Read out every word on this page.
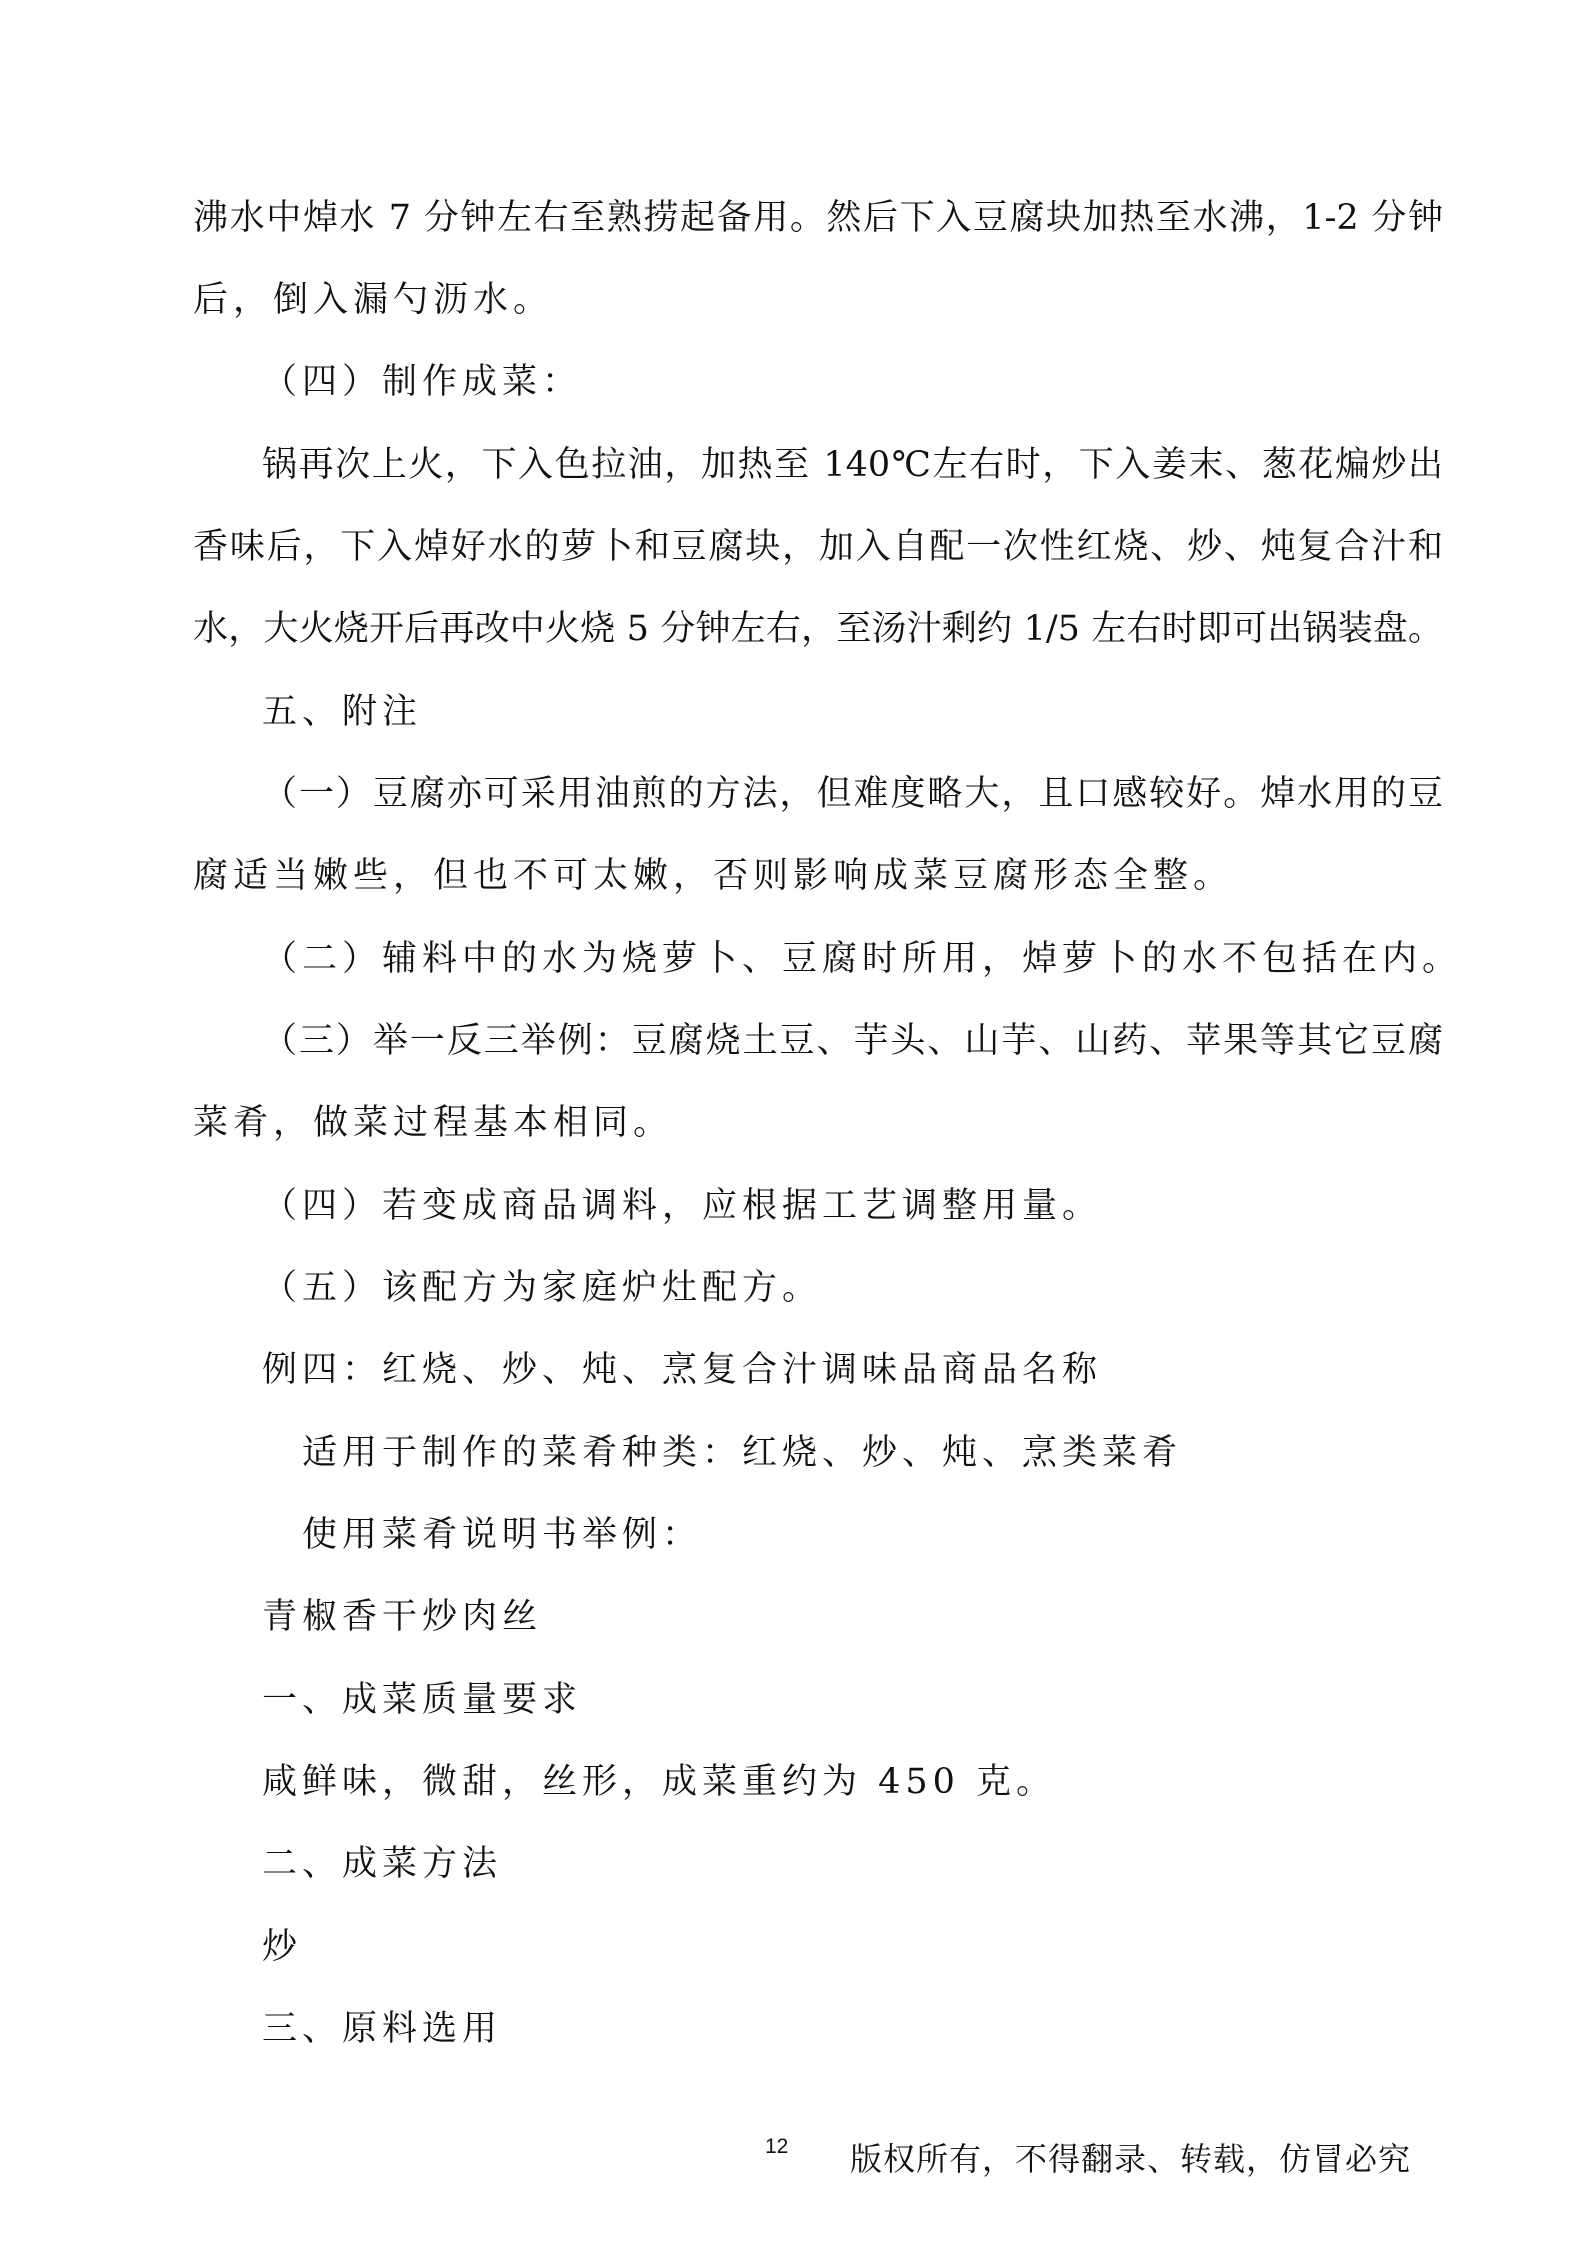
沸水中焯水 7 分钟左右至熟捞起备用。然后下入豆腐块加热至水沸，1-2 分钟
后，倒入漏勺沥水。
（四）制作成菜：
锅再次上火，下入色拉油，加热至 140℃左右时，下入姜末、葱花煸炒出
香味后，下入焯好水的萝卜和豆腐块，加入自配一次性红烧、炒、炖复合汁和
水，大火烧开后再改中火烧 5 分钟左右，至汤汁剩约 1/5 左右时即可出锅装盘。
五、附注
（一）豆腐亦可采用油煎的方法，但难度略大，且口感较好。焯水用的豆
腐适当嫩些，但也不可太嫩，否则影响成菜豆腐形态全整。
（二）辅料中的水为烧萝卜、豆腐时所用，焯萝卜的水不包括在内。
（三）举一反三举例：豆腐烧土豆、芋头、山芋、山药、苹果等其它豆腐
菜肴，做菜过程基本相同。
（四）若变成商品调料，应根据工艺调整用量。
（五）该配方为家庭炉灶配方。
例四：红烧、炒、炖、烹复合汁调味品商品名称
适用于制作的菜肴种类：红烧、炒、炖、烹类菜肴
使用菜肴说明书举例：
青椒香干炒肉丝
一、成菜质量要求
咸鲜味，微甜，丝形，成菜重约为 450 克。
二、成菜方法
炒
三、原料选用
12 版权所有，不得翻录、转载，仿冒必究
